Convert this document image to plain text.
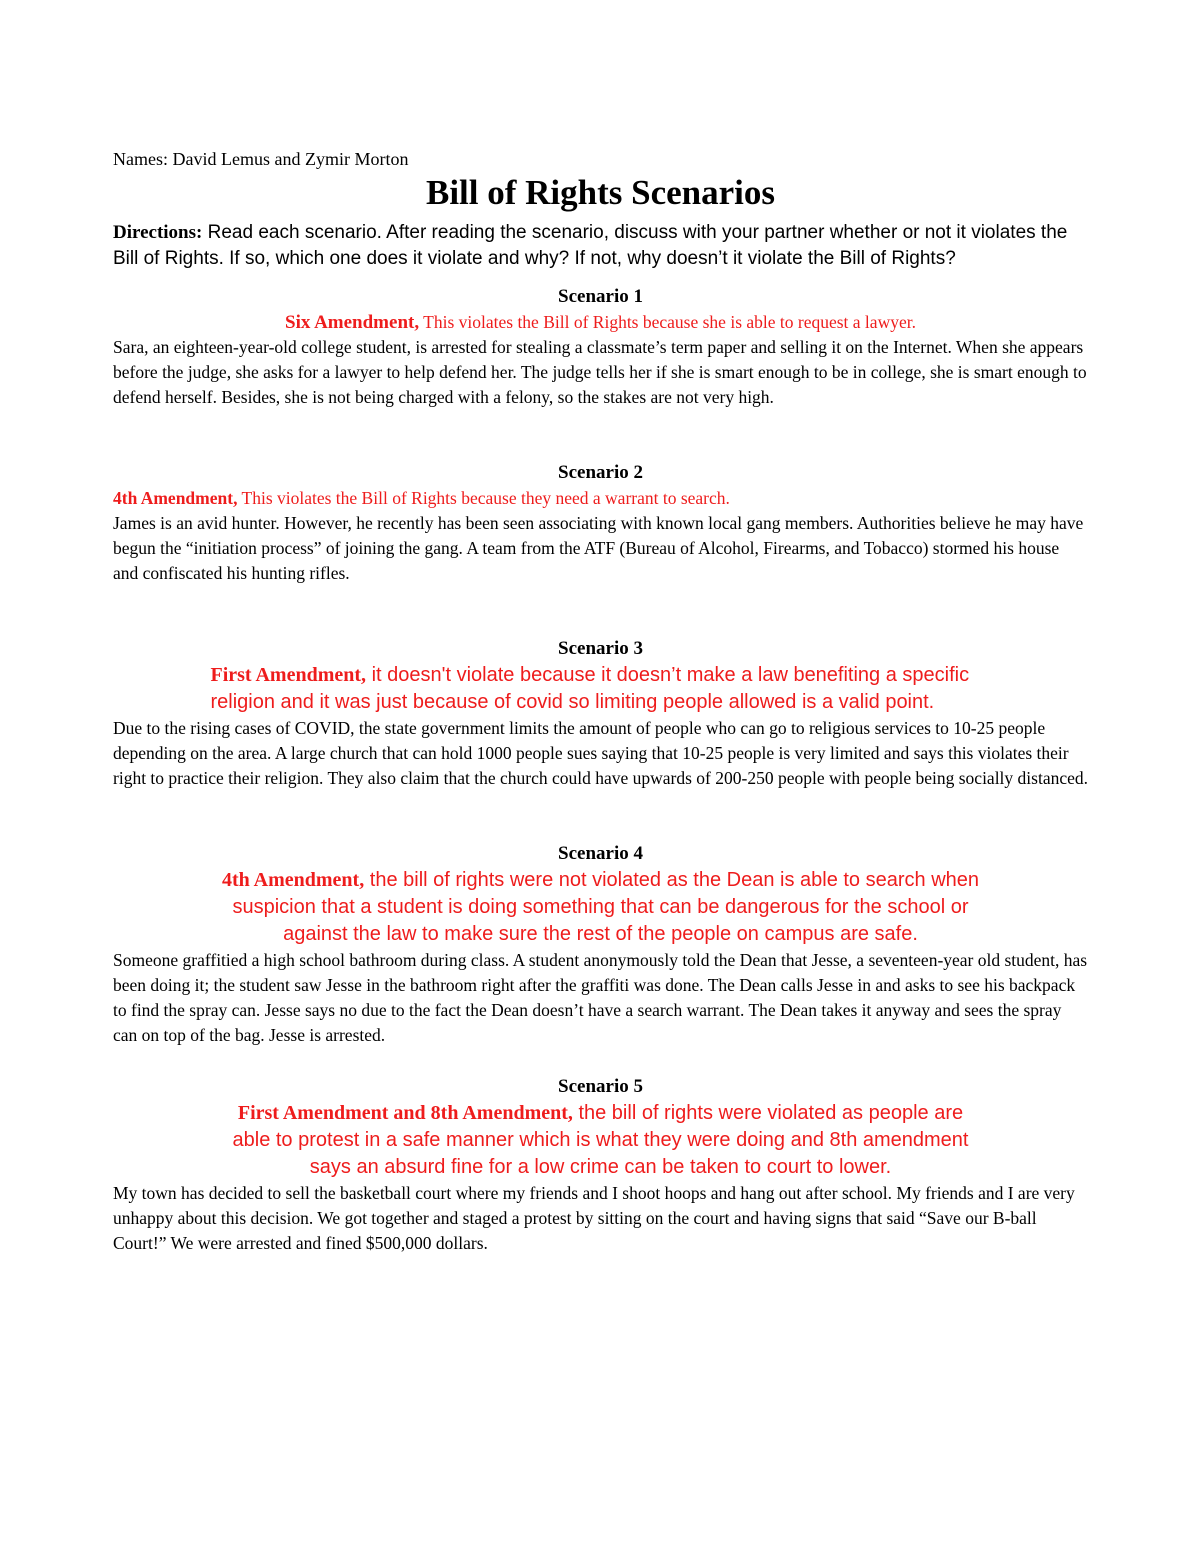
Names: David Lemus and Zymir Morton
Bill of Rights Scenarios
Directions: Read each scenario. After reading the scenario, discuss with your partner whether or not it violates the Bill of Rights. If so, which one does it violate and why? If not, why doesn’t it violate the Bill of Rights?
Scenario 1

Six Amendment, This violates the Bill of Rights because she is able to request a lawyer.

Sara, an eighteen-year-old college student, is arrested for stealing a classmate’s term paper and selling it on the Internet. When she appears before the judge, she asks for a lawyer to help defend her. The judge tells her if she is smart enough to be in college, she is smart enough to defend herself. Besides, she is not being charged with a felony, so the stakes are not very high.

Scenario 2

4th Amendment, This violates the Bill of Rights because they need a warrant to search.

James is an avid hunter. However, he recently has been seen associating with known local gang members. Authorities believe he may have begun the “initiation process” of joining the gang. A team from the ATF (Bureau of Alcohol, Firearms, and Tobacco) stormed his house and confiscated his hunting rifles.

Scenario 3

First Amendment, it doesn't violate because it doesn’t make a law benefiting a specific religion and it was just because of covid so limiting people allowed is a valid point.

Due to the rising cases of COVID, the state government limits the amount of people who can go to religious services to 10-25 people depending on the area. A large church that can hold 1000 people sues saying that 10-25 people is very limited and says this violates their right to practice their religion. They also claim that the church could have upwards of 200-250 people with people being socially distanced.

Scenario 4

4th Amendment, the bill of rights were not violated as the Dean is able to search when suspicion that a student is doing something that can be dangerous for the school or against the law to make sure the rest of the people on campus are safe.

Someone graffitied a high school bathroom during class. A student anonymously told the Dean that Jesse, a seventeen-year old student, has been doing it; the student saw Jesse in the bathroom right after the graffiti was done. The Dean calls Jesse in and asks to see his backpack to find the spray can. Jesse says no due to the fact the Dean doesn’t have a search warrant. The Dean takes it anyway and sees the spray can on top of the bag. Jesse is arrested.

Scenario 5

First Amendment and 8th Amendment, the bill of rights were violated as people are able to protest in a safe manner which is what they were doing and 8th amendment says an absurd fine for a low crime can be taken to court to lower.

My town has decided to sell the basketball court where my friends and I shoot hoops and hang out after school. My friends and I are very unhappy about this decision. We got together and staged a protest by sitting on the court and having signs that said “Save our B-ball Court!” We were arrested and fined $500,000 dollars.
